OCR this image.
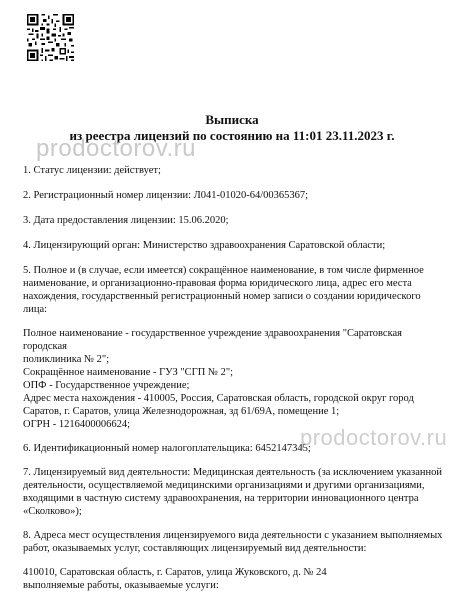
Выписка
из реестра лицензий по состоянию на 11:01 23.11.2023 г.
prodoctorov.ru

1. Статус лицензии: действует;

2. Регистрационный номер лицензии: Л041-01020-64/00365367;

3. Дата предоставления лицензии: 15.06.2020;

4. Лицензирующий орган: Министерство здравоохранения Саратовской области;

5. Полное и (в случае, если имеется) сокращённое наименование, в том числе фирменное

наименование, и организационно-правовая форма юридического лица, адрес его места

нахождения, государственный регистрационный номер записи о создании юридического лица:

Полное наименование - государственное учреждение здравоохранения "Саратовская городская

поликлиника № 2";

Сокращённое наименование - ГУЗ "СГП № 2";

ОПФ - Государственное учреждение;

Адрес места нахождения - 410005, Россия, Саратовская область, городской округ город

Саратов, г. Саратов, улица Железнодорожная, зд 61/69А, помещение 1;

ОГРН - 1216400006624;

6. Идентификационный номер налогоплательщика: 6452147345;

7. Лицензируемый вид деятельности: Медицинская деятельность (за исключением указанной

деятельности, осуществляемой медицинскими организациями и другими организациями,

входящими в частную систему здравоохранения, на территории инновационного центра

«Сколково»);

8. Адреса мест осуществления лицензируемого вида деятельности с указанием выполняемых

работ, оказываемых услуг, составляющих лицензируемый вид деятельности:

410010, Саратовская область, г. Саратов, улица Жуковского, д. № 24

выполняемые работы, оказываемые услуги:

prodoctorov.ru
